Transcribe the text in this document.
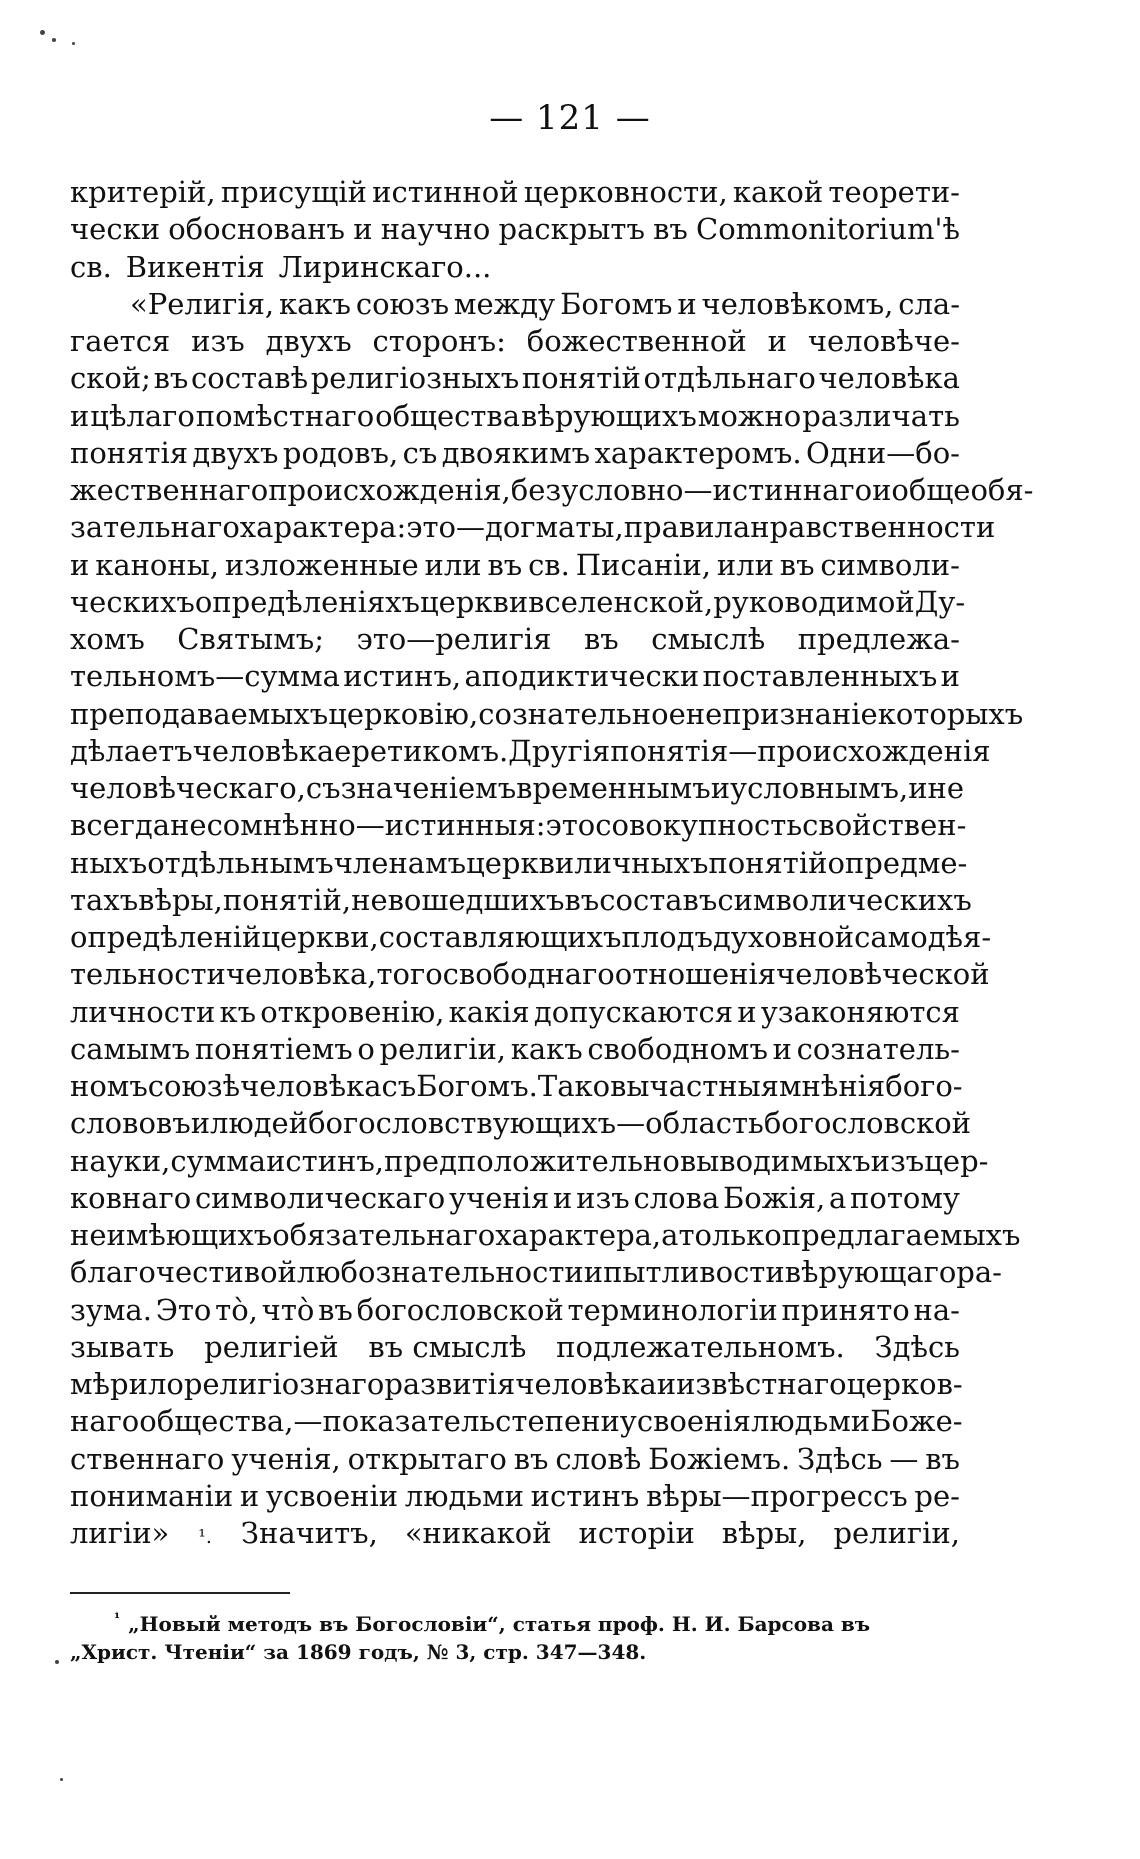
— 121 —
критерій, присущій истинной церковности, какой теорети-
чески обоснованъ и научно раскрытъ въ Commonitorium'ѣ
св. Викентія Лиринскаго...
«Религія, какъ союзъ между Богомъ и человѣкомъ, сла-
гается изъ двухъ сторонъ: божественной и человѣче-
ской; въ составѣ религіозныхъ понятій отдѣльнаго человѣка
и цѣлаго помѣстнаго общества вѣрующихъ можно различать
понятія двухъ родовъ, съ двоякимъ характеромъ. Одни—бо-
жественнаго происхожденія, безусловно—истиннаго и общеобя-
зательнаго характера: это—догматы, правила нравственности
и каноны, изложенные или въ св. Писаніи, или въ символи-
ческихъ опредѣленіяхъ церкви вселенской, руководимой Ду-
хомъ Святымъ; это—религія въ смыслѣ предлежа-
тельномъ—сумма истинъ, аподиктически поставленныхъ и
преподаваемыхъ церковію, сознательное непризнаніе которыхъ
дѣлаетъ человѣка еретикомъ. Другія понятія—происхожденія
человѣческаго, съ значеніемъ временнымъ и условнымъ, и не
всегда несомнѣнно—истинныя: это совокупность свойствен-
ныхъ отдѣльнымъ членамъ церкви личныхъ понятій о предме-
тахъ вѣры, понятій, не вошедшихъ въ составъ символическихъ
опредѣленій церкви, составляющихъ плодъ духовной самодѣя-
тельности человѣка, того свободнаго отношенія человѣческой
личности къ откровенію, какія допускаются и узаконяются
самымъ понятіемъ о религіи, какъ свободномъ и сознатель-
номъ союзѣ человѣка съ Богомъ. Таковы частныя мнѣнія бого-
слововъ и людей богословствующихъ — область богословской
науки, сумма истинъ, предположительно выводимыхъ изъ цер-
ковнаго символическаго ученія и изъ слова Божія, а потому
не имѣющихъ обязательнаго характера, а только предлагаемыхъ
благочестивой любознательности и пытливости вѣрующаго ра-
зума. Это тò, чтò въ богословской терминологіи принято на-
зывать религіей въ смыслѣ подлежательномъ. Здѣсь
мѣрило религіознаго развитія человѣка и извѣстнаго церков-
наго общества,—показатель степени усвоенія людьми Боже-
ственнаго ученія, открытаго въ словѣ Божіемъ. Здѣсь — въ
пониманіи и усвоеніи людьми истинъ вѣры—прогрессъ ре-
лигіи» ¹. Значитъ, «никакой исторіи вѣры, религіи,
¹ „Новый методъ въ Богословіи“, статья проф. Н. И. Барсова въ
„Христ. Чтеніи“ за 1869 годъ, № 3, стр. 347—348.
